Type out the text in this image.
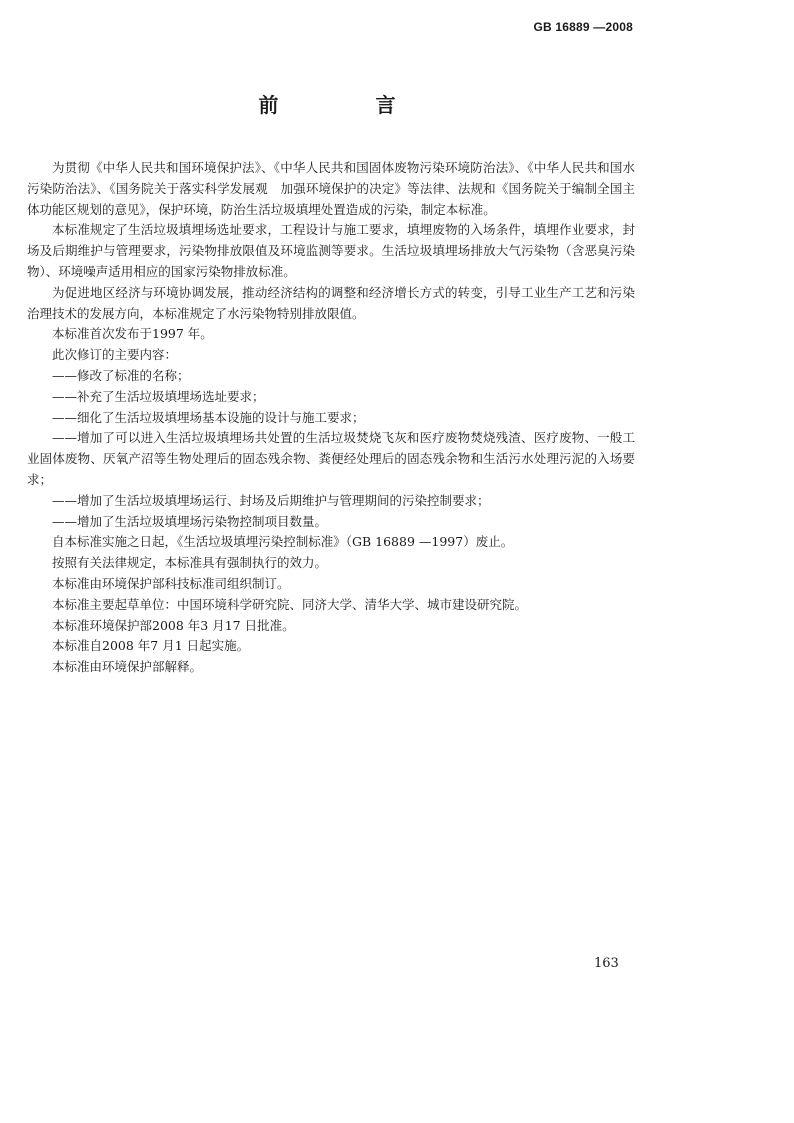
GB 16889 —2008
前 言

为贯彻《中华人民共和国环境保护法》、《中华人民共和国固体废物污染环境防治法》、《中华人民共和国水污染防治法》、《国务院关于落实科学发展观　加强环境保护的决定》等法律、法规和《国务院关于编制全国主体功能区规划的意见》，保护环境，防治生活垃圾填埋处置造成的污染，制定本标准。

本标准规定了生活垃圾填埋场选址要求，工程设计与施工要求，填埋废物的入场条件，填埋作业要求，封场及后期维护与管理要求，污染物排放限值及环境监测等要求。生活垃圾填埋场排放大气污染物（含恶臭污染物）、环境噪声适用相应的国家污染物排放标准。

为促进地区经济与环境协调发展，推动经济结构的调整和经济增长方式的转变，引导工业生产工艺和污染治理技术的发展方向，本标准规定了水污染物特别排放限值。

本标准首次发布于1997 年。

此次修订的主要内容：

——修改了标准的名称；

——补充了生活垃圾填埋场选址要求；

——细化了生活垃圾填埋场基本设施的设计与施工要求；

——增加了可以进入生活垃圾填埋场共处置的生活垃圾焚烧飞灰和医疗废物焚烧残渣、医疗废物、一般工业固体废物、厌氧产沼等生物处理后的固态残余物、粪便经处理后的固态残余物和生活污水处理污泥的入场要求；

——增加了生活垃圾填埋场运行、封场及后期维护与管理期间的污染控制要求；

——增加了生活垃圾填埋场污染物控制项目数量。

自本标准实施之日起，《生活垃圾填埋污染控制标准》（GB 16889 —1997）废止。

按照有关法律规定，本标准具有强制执行的效力。

本标准由环境保护部科技标准司组织制订。

本标准主要起草单位：中国环境科学研究院、同济大学、清华大学、城市建设研究院。

本标准环境保护部2008 年3 月17 日批准。

本标准自2008 年7 月1 日起实施。

本标准由环境保护部解释。

163
